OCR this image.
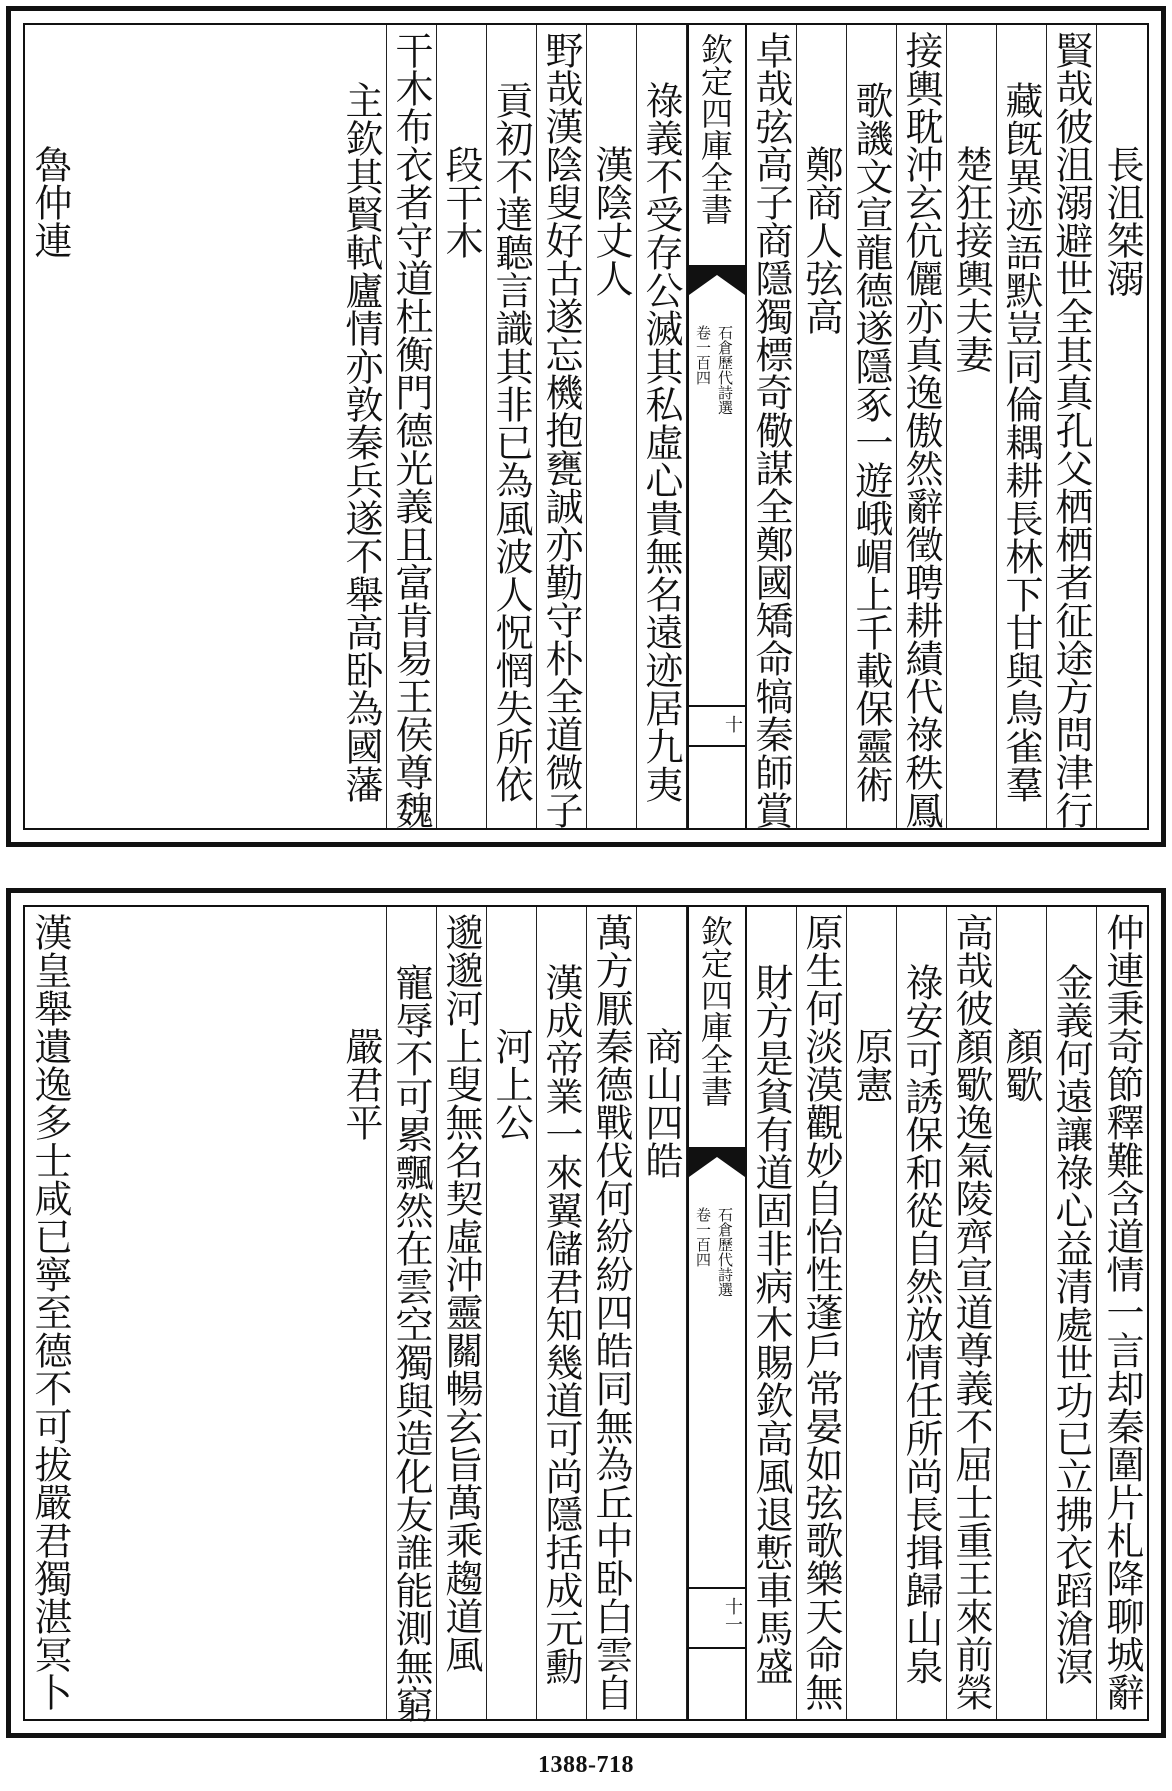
長沮桀溺
賢哉彼沮溺避世全其真孔父栖栖者征途方問津行
藏旣異迹語默豈同倫耦耕長林下甘與鳥雀羣
楚狂接輿夫妻
接輿耽沖玄伉儷亦真逸傲然辭徵聘耕績代祿秩鳳
歌譏文宣龍德遂隱豖一遊峨嵋上千載保靈術
鄭商人弦高
卓哉弦高子商隱獨標奇儆謀全鄭國矯命犒秦師賞
欽定四庫全書
石倉歷代詩選
卷一百四
十
祿義不受存公滅其私虛心貴無名遠迹居九夷
漢陰丈人
野哉漢陰叟好古遂忘機抱甕誠亦勤守朴全道微子
貢初不達聽言識其非已為風波人怳惘失所依
段干木
干木布衣者守道杜衡門德光義且富肯易王侯尊魏
主欽其賢軾廬情亦敦秦兵遂不舉高卧為國藩
魯仲連
仲連秉奇節釋難含道情一言却秦圍片札降聊城辭
金義何遠讓祿心益清處世功已立拂衣蹈滄溟
顏歜
高哉彼顏歜逸氣陵齊宣道尊義不屈士重王來前榮
祿安可誘保和從自然放情任所尚長揖歸山泉
原憲
原生何淡漠觀妙自怡性蓬戶常晏如弦歌樂天命無
財方是貧有道固非病木賜欽高風退慙車馬盛
欽定四庫全書
石倉歷代詩選
卷一百四
十一
商山四皓
萬方厭秦德戰伐何紛紛四皓同無為丘中卧白雲自
漢成帝業一來翼儲君知幾道可尚隱括成元勳
河上公
邈邈河上叟無名契虛沖靈關暢玄旨萬乘趨道風
寵辱不可累飄然在雲空獨與造化友誰能測無窮
嚴君平
漢皇舉遺逸多士咸已寧至德不可拔嚴君獨湛冥卜
1388-718
